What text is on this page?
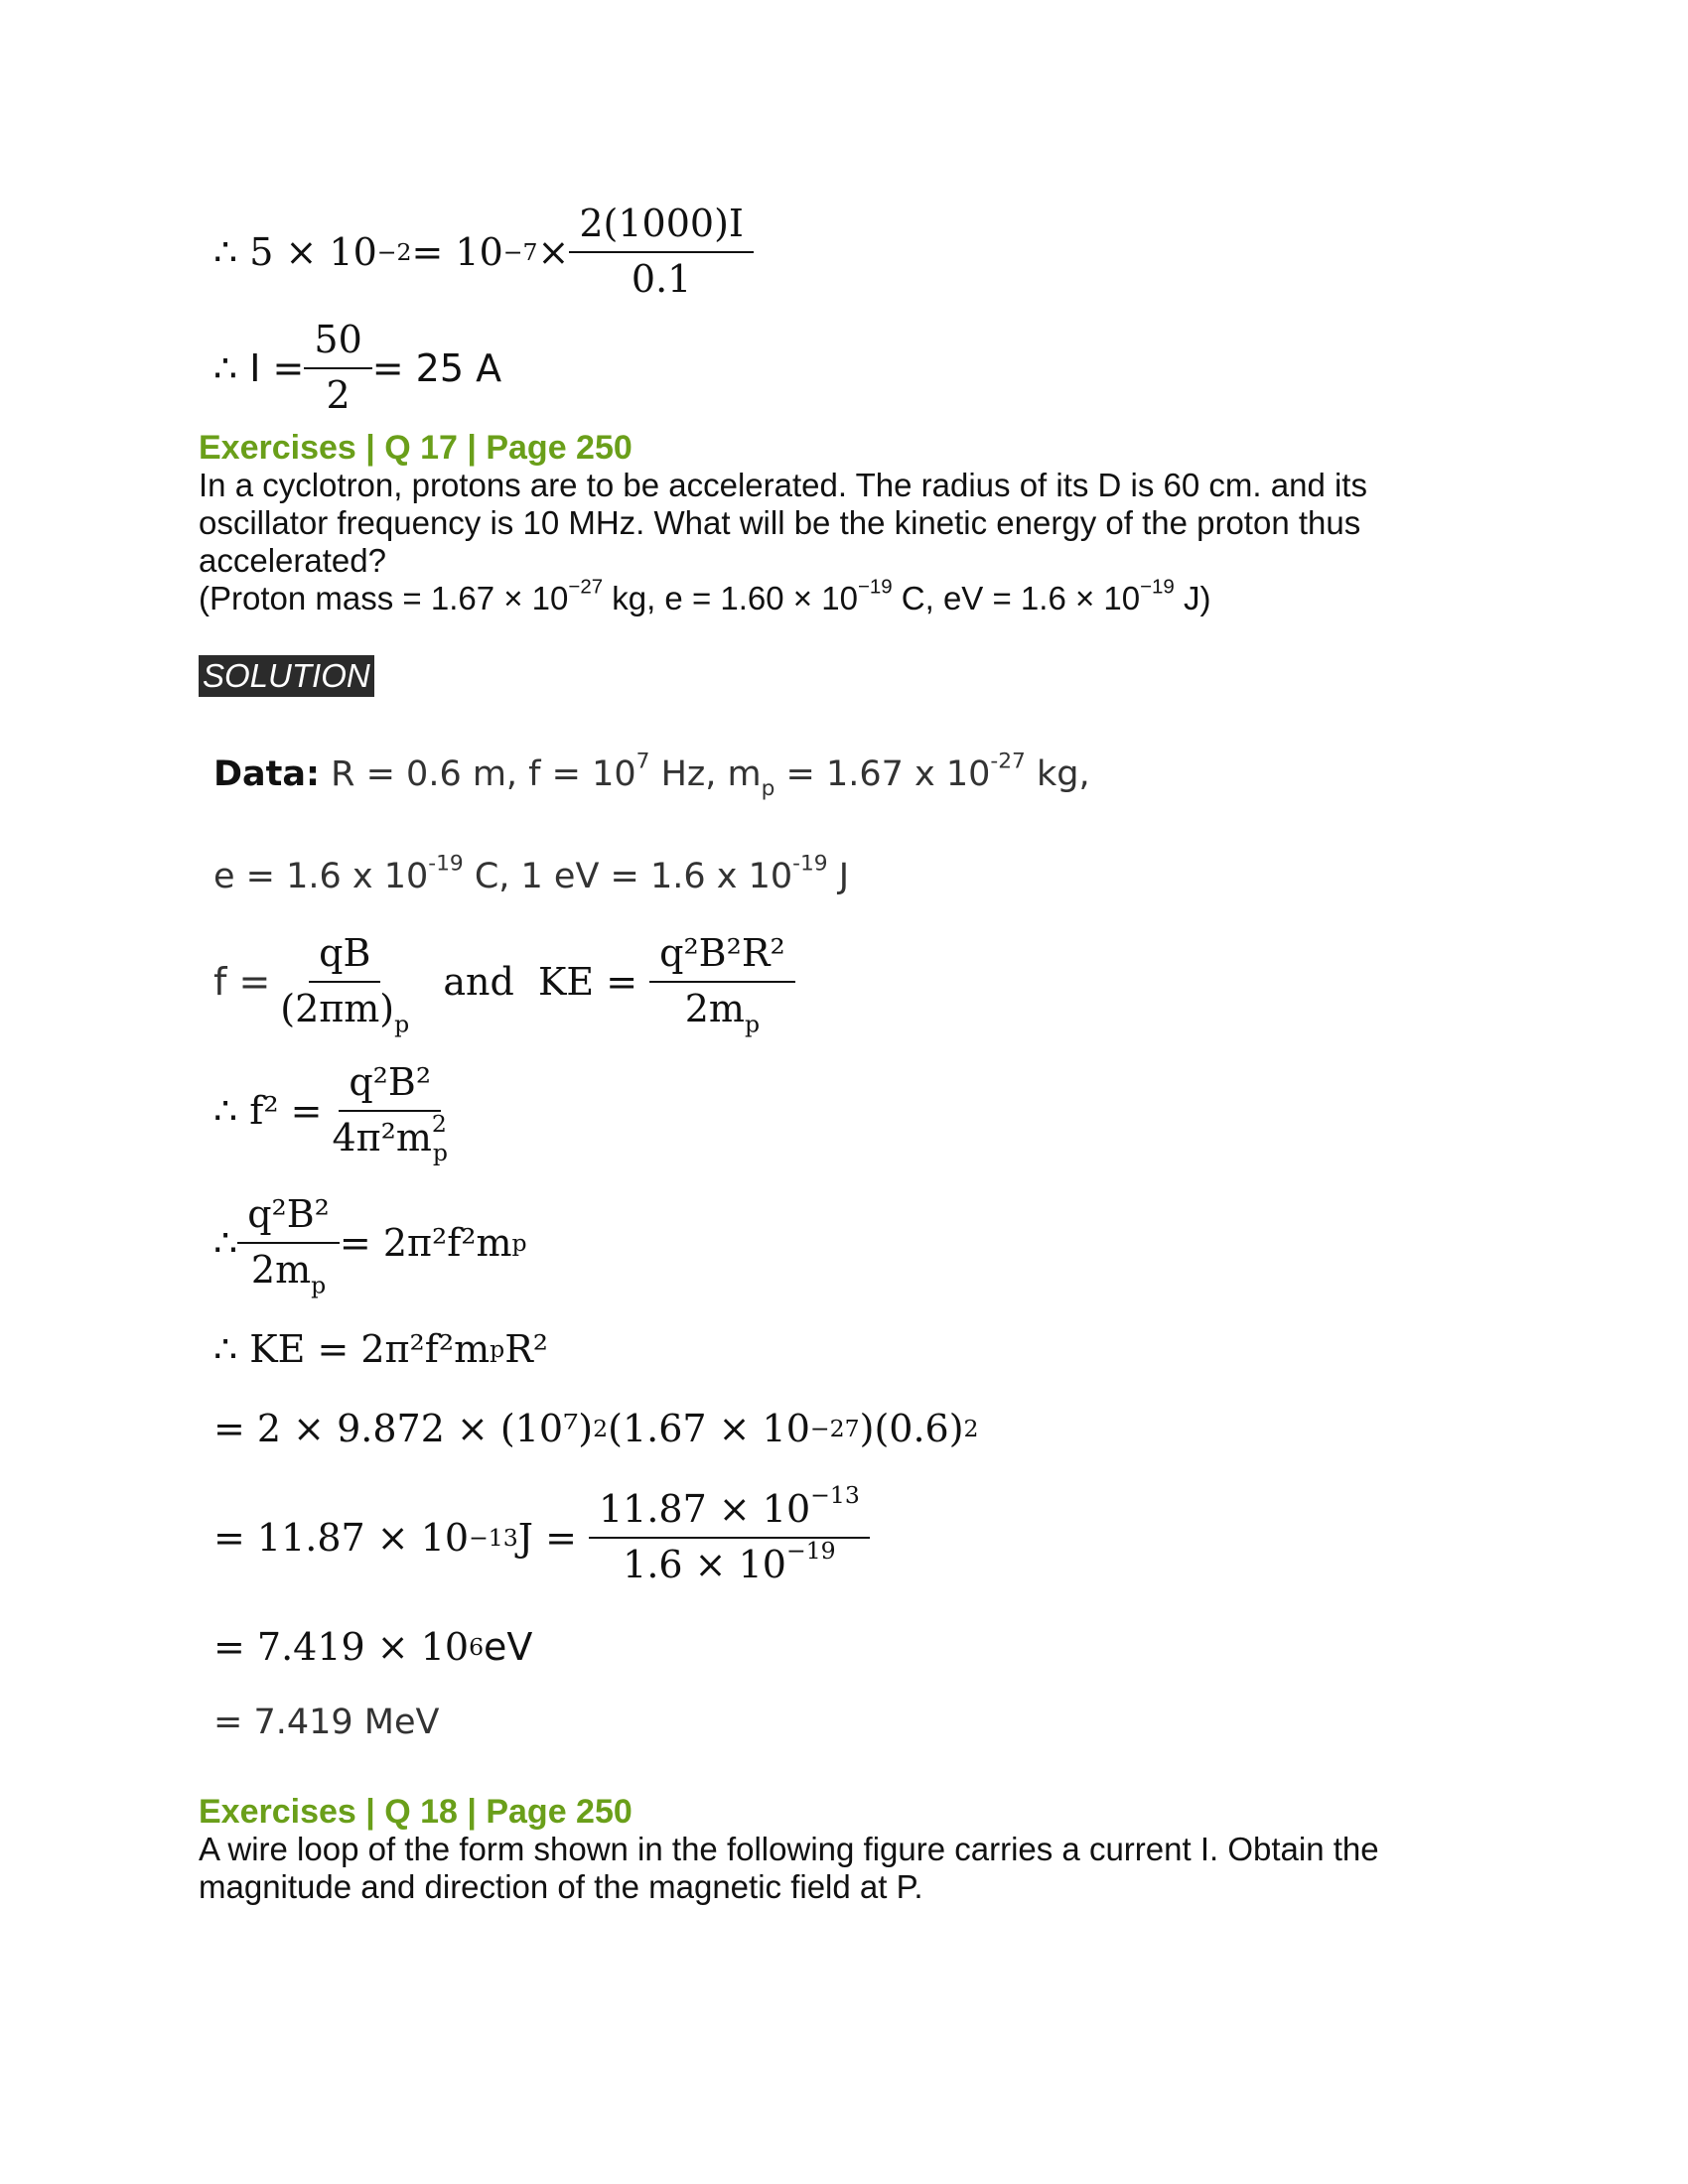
∴ $5 \times 10 -2 = 10 -7 \times \frac{2(1000)I}{0.1}$
∴ $I = \frac{50}{2} = 25$ A
Exercises | Q 17 | Page 250
In a cyclotron, protons are to be accelerated. The radius of its D is 60 cm. and its oscillator frequency is 10 MHz. What will be the kinetic energy of the proton thus accelerated?
(Proton mass = $1.67 \times 10^{-27}$ kg, $e = 1.60 \times 10^{-19}$ C, eV = $1.6 \times 10^{-19}$ J)
SOLUTION
Data: R = 0.6 m, $f = 10^7$ Hz, $m_p = 1.67$ x $10^{-27}$ kg,
e = 1.6 x $10^{-19}$ C, 1 eV = 1.6 x $10^{-19}$ J
$f = \frac{qB}{(2\pi m)_p}$ and  KE = $\frac{\text{q²B²R²}}{2m_p}$
∴ $f^2 = \frac{\text{q²B²}}{4\pi^2m^2_p}$
∴ $\frac{\text{q²B²}}{2m_p} = 2\pi^2f^2m$ p
∴ KE = 2π²f²m p R²
= 2 × 9.872 × (10⁷) 2 (1.67 × 10 −27 ) (0.6) 2
= 11.87 × 10 −13 $J = \frac{11.87 \times 10^{-13}}{1.6 \times 10^{-19}}$
= 7.419 × 10 6 eV
= 7.419 MeV
Exercises | Q 18 | Page 250
A wire loop of the form shown in the following figure carries a current I. Obtain the magnitude and direction of the magnetic field at P.
